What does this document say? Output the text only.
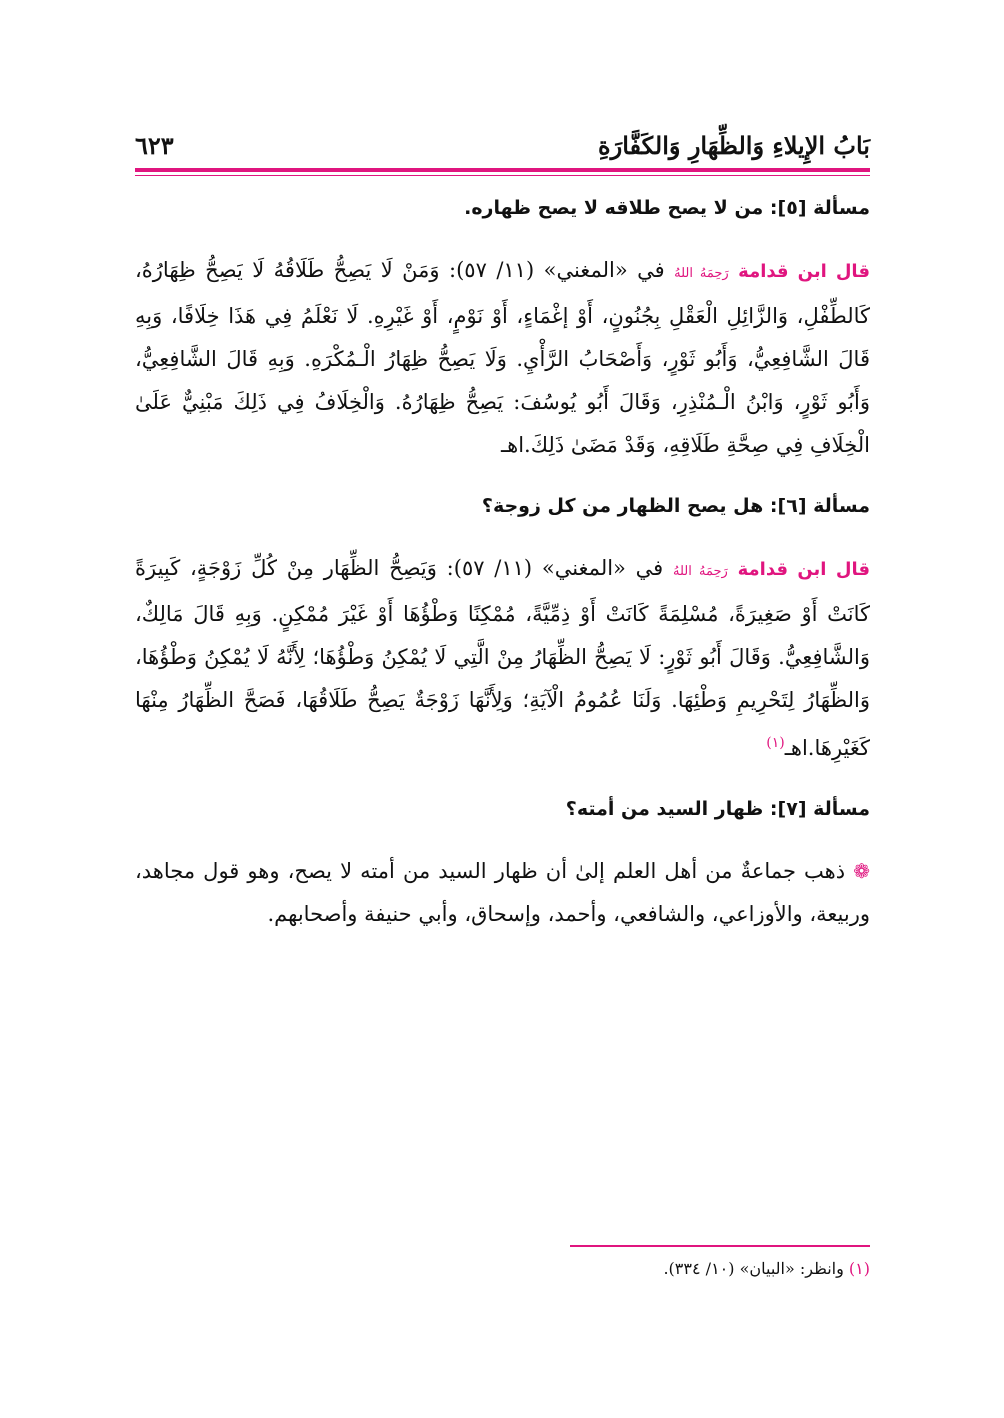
٦٢٣	بَابُ الإِيلاءِ وَالظِّهَارِ وَالكَفَّارَةِ

مسألة [٥]: من لا يصح طلاقه لا يصح ظهاره.

قال ابن قدامة رَحِمَهُ اللهُ في «المغني» (١١/ ٥٧): وَمَنْ لَا يَصِحُّ طَلَاقُهُ لَا يَصِحُّ ظِهَارُهُ، كَالطِّفْلِ، وَالزَّائِلِ الْعَقْلِ بِجُنُونٍ، أَوْ إغْمَاءٍ، أَوْ نَوْمٍ، أَوْ غَيْرِهِ. لَا نَعْلَمُ فِي هَذَا خِلَافًا، وَبِهِ قَالَ الشَّافِعِيُّ، وَأَبُو ثَوْرٍ، وَأَصْحَابُ الرَّأْيِ. وَلَا يَصِحُّ ظِهَارُ الْـمُكْرَهِ. وَبِهِ قَالَ الشَّافِعِيُّ، وَأَبُو ثَوْرٍ، وَابْنُ الْـمُنْذِرِ، وَقَالَ أَبُو يُوسُفَ: يَصِحُّ ظِهَارُهُ. وَالْخِلَافُ فِي ذَلِكَ مَبْنِيٌّ عَلَىٰ الْخِلَافِ فِي صِحَّةِ طَلَاقِهِ، وَقَدْ مَضَىٰ ذَلِكَ.اهـ

مسألة [٦]: هل يصح الظهار من كل زوجة؟

قال ابن قدامة رَحِمَهُ اللهُ في «المغني» (١١/ ٥٧): وَيَصِحُّ الظِّهَار مِنْ كُلِّ زَوْجَةٍ، كَبِيرَةً كَانَتْ أَوْ صَغِيرَةً، مُسْلِمَةً كَانَتْ أَوْ ذِمِّيَّةً، مُمْكِنًا وَطْؤُهَا أَوْ غَيْرَ مُمْكِنٍ. وَبِهِ قَالَ مَالِكٌ، وَالشَّافِعِيُّ. وَقَالَ أَبُو ثَوْرٍ: لَا يَصِحُّ الظِّهَارُ مِنْ الَّتِي لَا يُمْكِنُ وَطْؤُهَا؛ لِأَنَّهُ لَا يُمْكِنُ وَطْؤُهَا، وَالظِّهَارُ لِتَحْرِيمِ وَطْئِهَا. وَلَنَا عُمُومُ الْآيَةِ؛ وَلِأَنَّهَا زَوْجَةٌ يَصِحُّ طَلَاقُهَا، فَصَحَّ الظِّهَارُ مِنْهَا كَغَيْرِهَا.اهـ$^{(١)}$

مسألة [٧]: ظهار السيد من أمته؟

❁ ذهب جماعةٌ من أهل العلم إلىٰ أن ظهار السيد من أمته لا يصح، وهو قول مجاهد، وربيعة، والأوزاعي، والشافعي، وأحمد، وإسحاق، وأبي حنيفة وأصحابهم.

(١) وانظر: «البيان» (١٠/ ٣٣٤).
